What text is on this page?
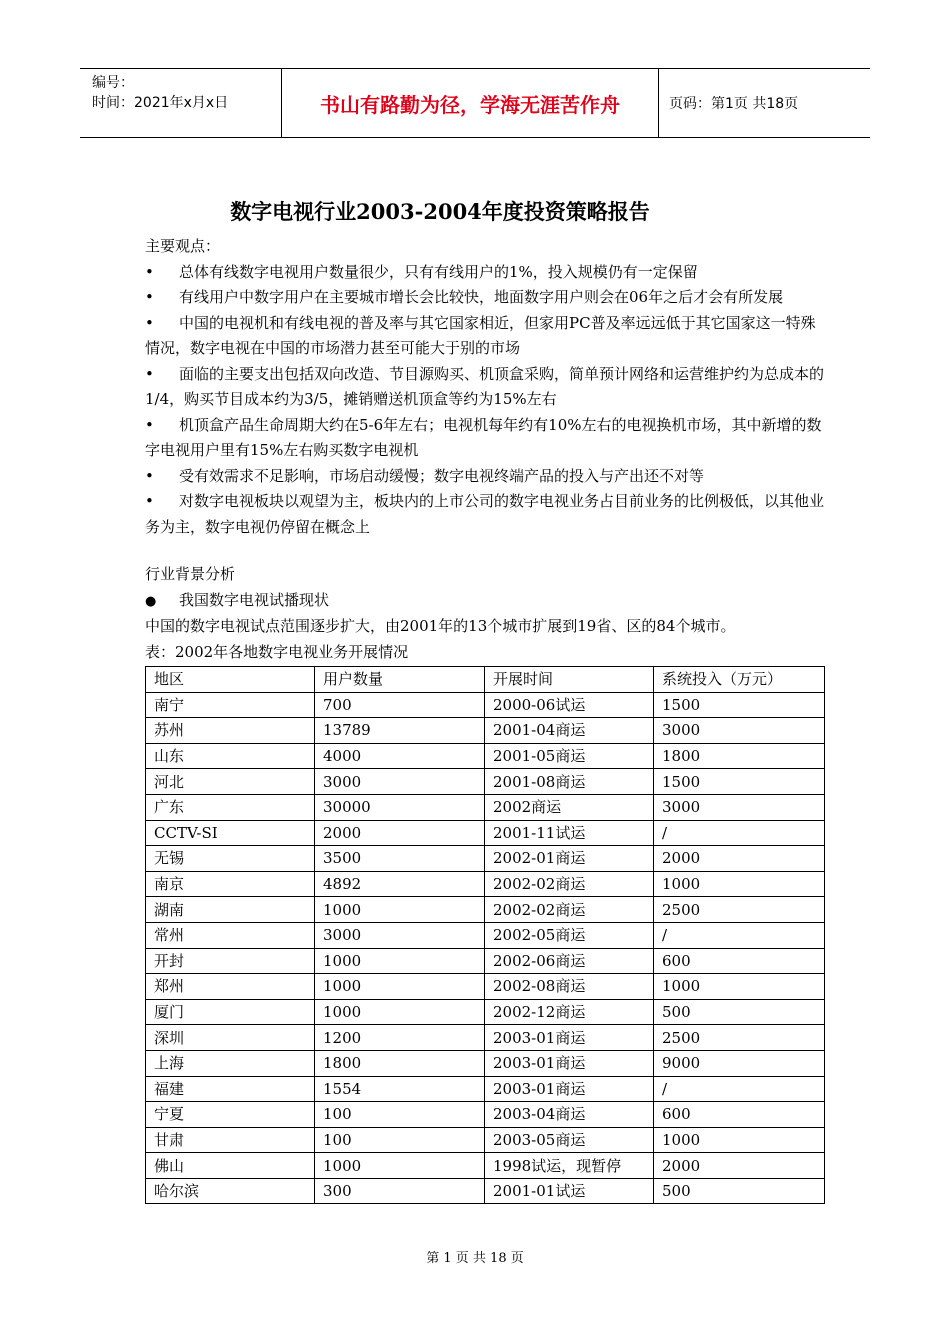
编号：
时间：2021年x月x日	书山有路勤为径，学海无涯苦作舟	页码：第1页 共18页
数字电视行业2003-2004年度投资策略报告

主要观点：

• 总体有线数字电视用户数量很少，只有有线用户的1%，投入规模仍有一定保留

• 有线用户中数字用户在主要城市增长会比较快，地面数字用户则会在06年之后才会有所发展

• 中国的电视机和有线电视的普及率与其它国家相近，但家用PC普及率远远低于其它国家这一特殊情况，数字电视在中国的市场潜力甚至可能大于别的市场

• 面临的主要支出包括双向改造、节目源购买、机顶盒采购，简单预计网络和运营维护约为总成本的1/4，购买节目成本约为3/5，摊销赠送机顶盒等约为15%左右

• 机顶盒产品生命周期大约在5-6年左右；电视机每年约有10%左右的电视换机市场，其中新增的数字电视用户里有15%左右购买数字电视机

• 受有效需求不足影响，市场启动缓慢；数字电视终端产品的投入与产出还不对等

• 对数字电视板块以观望为主，板块内的上市公司的数字电视业务占目前业务的比例极低，以其他业务为主，数字电视仍停留在概念上

行业背景分析

● 我国数字电视试播现状

中国的数字电视试点范围逐步扩大，由2001年的13个城市扩展到19省、区的84个城市。

表：2002年各地数字电视业务开展情况

地区	用户数量	开展时间	系统投入（万元）
南宁	700	2000-06试运	1500
苏州	13789	2001-04商运	3000
山东	4000	2001-05商运	1800
河北	3000	2001-08商运	1500
广东	30000	2002商运	3000
CCTV-SI	2000	2001-11试运	/
无锡	3500	2002-01商运	2000
南京	4892	2002-02商运	1000
湖南	1000	2002-02商运	2500
常州	3000	2002-05商运	/
开封	1000	2002-06商运	600
郑州	1000	2002-08商运	1000
厦门	1000	2002-12商运	500
深圳	1200	2003-01商运	2500
上海	1800	2003-01商运	9000
福建	1554	2003-01商运	/
宁夏	100	2003-04商运	600
甘肃	100	2003-05商运	1000
佛山	1000	1998试运，现暂停	2000
哈尔滨	300	2001-01试运	500
第 1 页 共 18 页
